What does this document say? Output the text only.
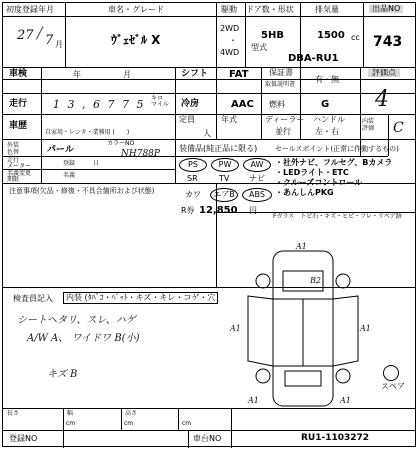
初度登録年月	車名・グレード	駆動 ドア数・形状	排気量	出品NO
27 / 7 月	ｳﾞｪｾﾞﾙ X
2WD
・
4WD
5HB	1500 cc
型式
DBA-RU1
743
車検	年	月	シフト FAT	保証書
取扱説明書
有・無
評価点
4
走行 1 3 , 6 7 7 5 キロ
マイル 冷房	AAC 燃料	G
車歴
自家用・レンタ・業務用 (　　)
定員
人
年式	ディーラー
並行
ハンドル
左・右
内装
評価 C
外装
色替	パール
カラーNO
NH788P
走行
メーター	登録	日
名義変更
期限
名義
注意事項(欠品・修復・不具合箇所および状態)
装備品(純正品に限る)
PS	PW	AW
SR	TV ナビ
カワ	エアB	ABS
R券 12,850 円
セールスポイント(正常に作動するもの)
・社外ナビ、フルセグ、Bカメラ
・LEDライト・ETC
・クルーズコントロール
・あんしんPKG
Fガラス　トビ石・キズ・ヒビ・フレ・リペア跡
検査員記入	内装 (ﾀﾊﾞｺ・ﾍﾟｯﾄ・キズ・キレ・コゲ・穴
シートヘタリ、スレ、ハゲ
A/W A、 ワイドワ B(小)
キズ B
A1
B2
A1	A1
A1	A1
スペア
長さ
cm
幅
cm
高さ
cm
登録NO	車台NO	RU1-1103272
